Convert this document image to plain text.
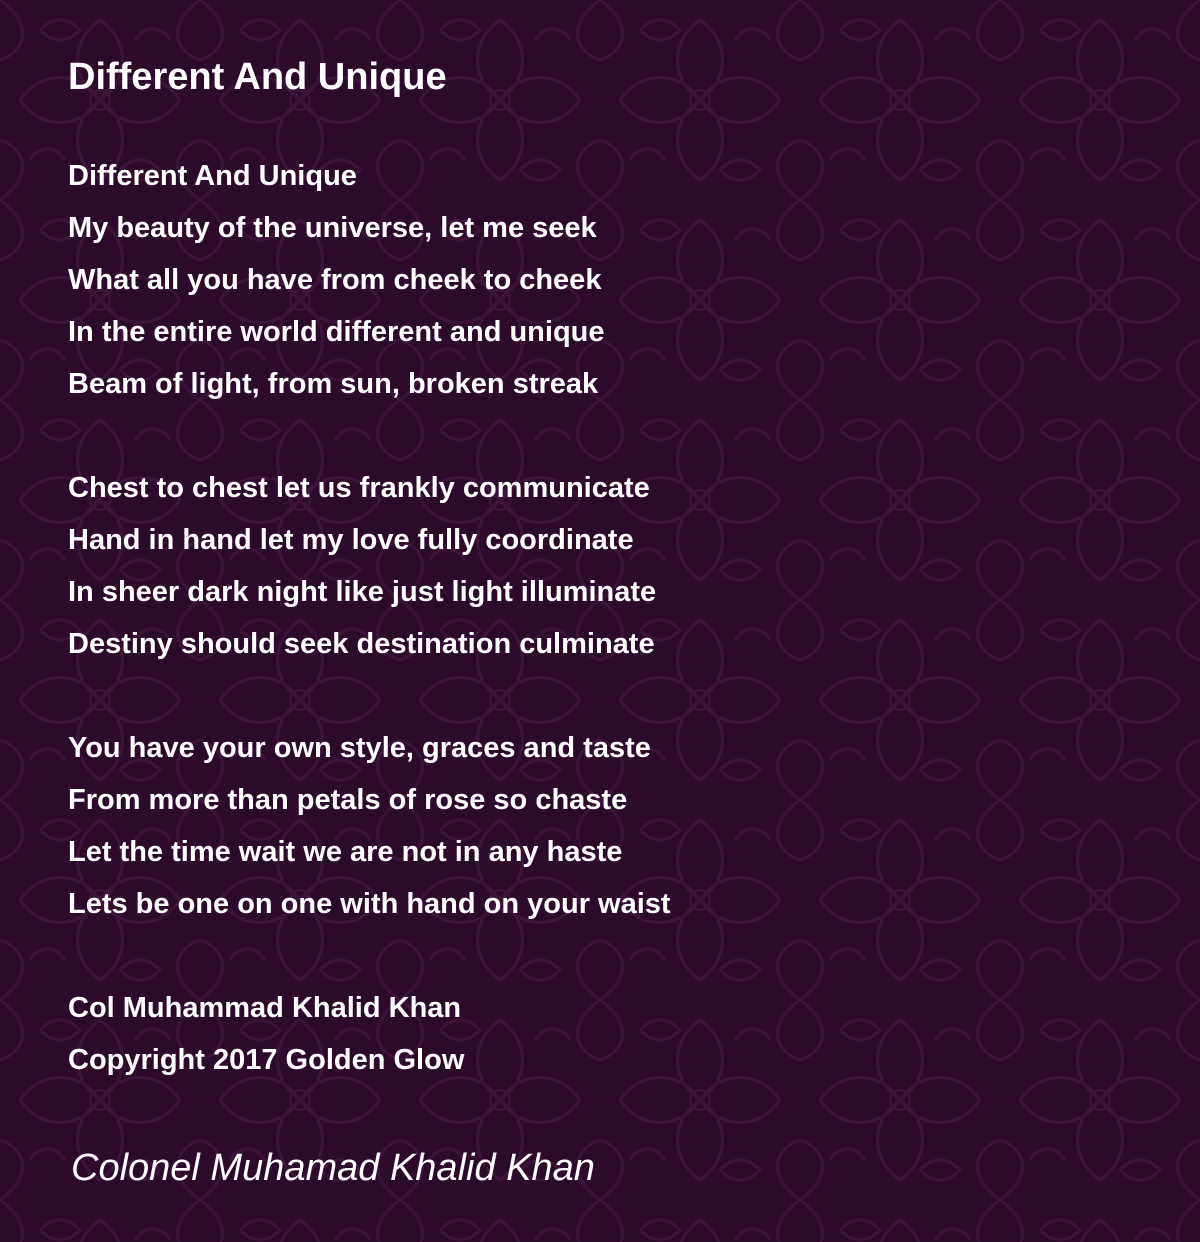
Different And Unique
Different And Unique
My beauty of the universe, let me seek
What all you have from cheek to cheek
In the entire world different and unique
Beam of light, from sun, broken streak
Chest to chest let us frankly communicate
Hand in hand let my love fully coordinate
In sheer dark night like just light illuminate
Destiny should seek destination culminate
You have your own style, graces and taste
From more than petals of rose so chaste
Let the time wait we are not in any haste
Lets be one on one with hand on your waist
Col Muhammad Khalid Khan
Copyright 2017 Golden Glow
Colonel Muhamad Khalid Khan
